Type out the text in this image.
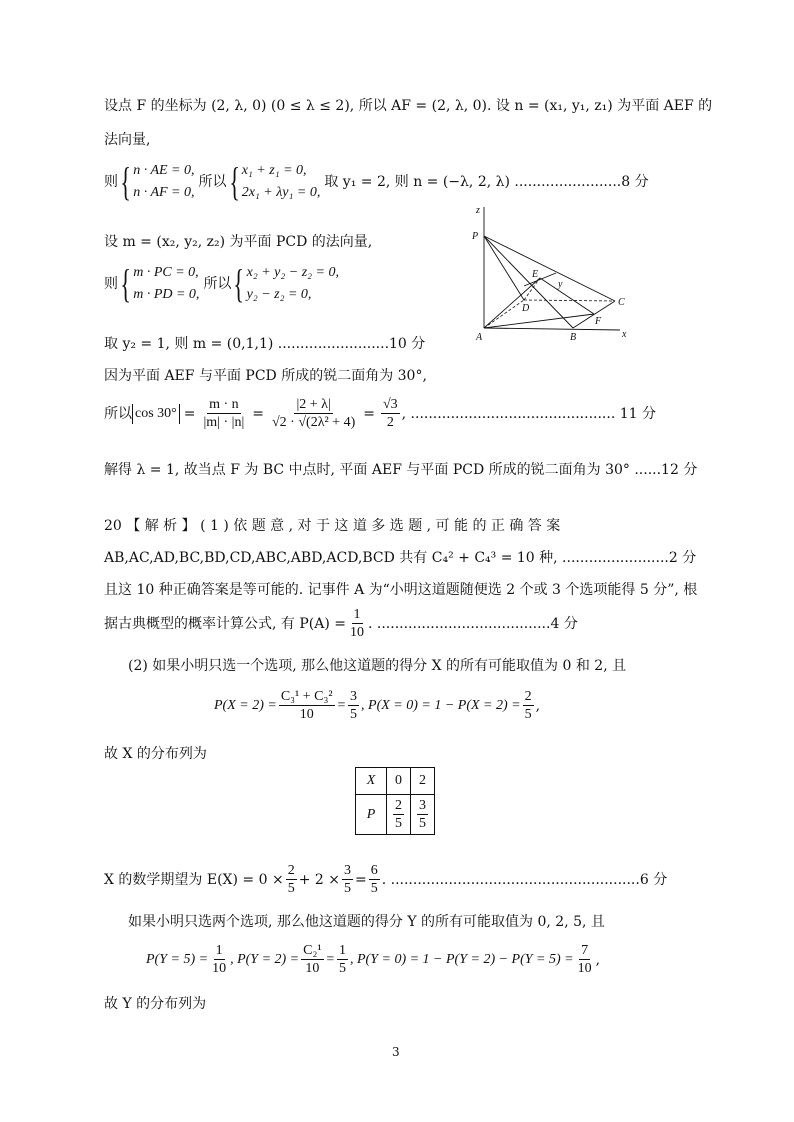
设点 F 的坐标为 (2, λ, 0) (0 ≤ λ ≤ 2), 所以 AF = (2, λ, 0). 设 n = (x₁, y₁, z₁) 为平面 AEF 的
法向量,
则 { n · AE = 0,
n · AF = 0,
所以 { x₁ + z₁ = 0,
2x₁ + λy₁ = 0,
取 y₁ = 2, 则 n = (−λ, 2, λ) ........................8 分
设 m = (x₂, y₂, z₂) 为平面 PCD 的法向量,
则 { m · PC = 0,
m · PD = 0,
所以 { x₂ + y₂ − z₂ = 0,
y₂ − z₂ = 0,
取 y₂ = 1, 则 m = (0,1,1) .........................10 分
因为平面 AEF 与平面 PCD 所成的锐二面角为 30°,
所以 $\cos 30^\circ = \frac{m \cdot n}{|m| \cdot |n|} = \frac{|2 + \lambda|}{\text{√2 · √(2λ² + 4)}} = \frac{√3}{2}$ , .............................................. 11 分
解得 λ = 1, 故当点 F 为 BC 中点时, 平面 AEF 与平面 PCD 所成的锐二面角为 30° ......12 分
20 【 解 析 】 ( 1 ) 依 题 意 , 对 于 这 道 多 选 题 , 可 能 的 正 确 答 案
AB,AC,AD,BC,BD,CD,ABC,ABD,ACD,BCD 共有 C₄² + C₄³ = 10 种, ........................2 分
且这 10 种正确答案是等可能的. 记事件 A 为“小明这道题随便选 2 个或 3 个选项能得 5 分”, 根
据古典概型的概率计算公式, 有 $P(A) = \frac{1}{10}$ . .......................................4 分
(2) 如果小明只选一个选项, 那么他这道题的得分 X 的所有可能取值为 0 和 2, 且
$P(X = 2) = \frac{\text{C₃¹ + C₃²}}{10} = \frac{3}{5}$ , $P(X = 0) = 1 - P(X = 2) = \frac{2}{5}$ ,
故 X 的分布列为
X	0	2
P	$\frac{2}{5}$	$\frac{3}{5}$
X 的数学期望为 $E(X) = 0 \times \frac{2}{5} + 2 \times \frac{3}{5} = \frac{6}{5}$ . ........................................................6 分
如果小明只选两个选项, 那么他这道题的得分 Y 的所有可能取值为 0, 2, 5, 且
$P(Y = 5) = \frac{1}{10}$ , $P(Y = 2) = \frac{\text{C₂¹}}{10} = \frac{1}{5}$ , $P(Y = 0) = 1 - P(Y = 2) - P(Y = 5) = \frac{7}{10}$ ,
故 Y 的分布列为
z
P
E
y
D
C
F
A	B	x
3
